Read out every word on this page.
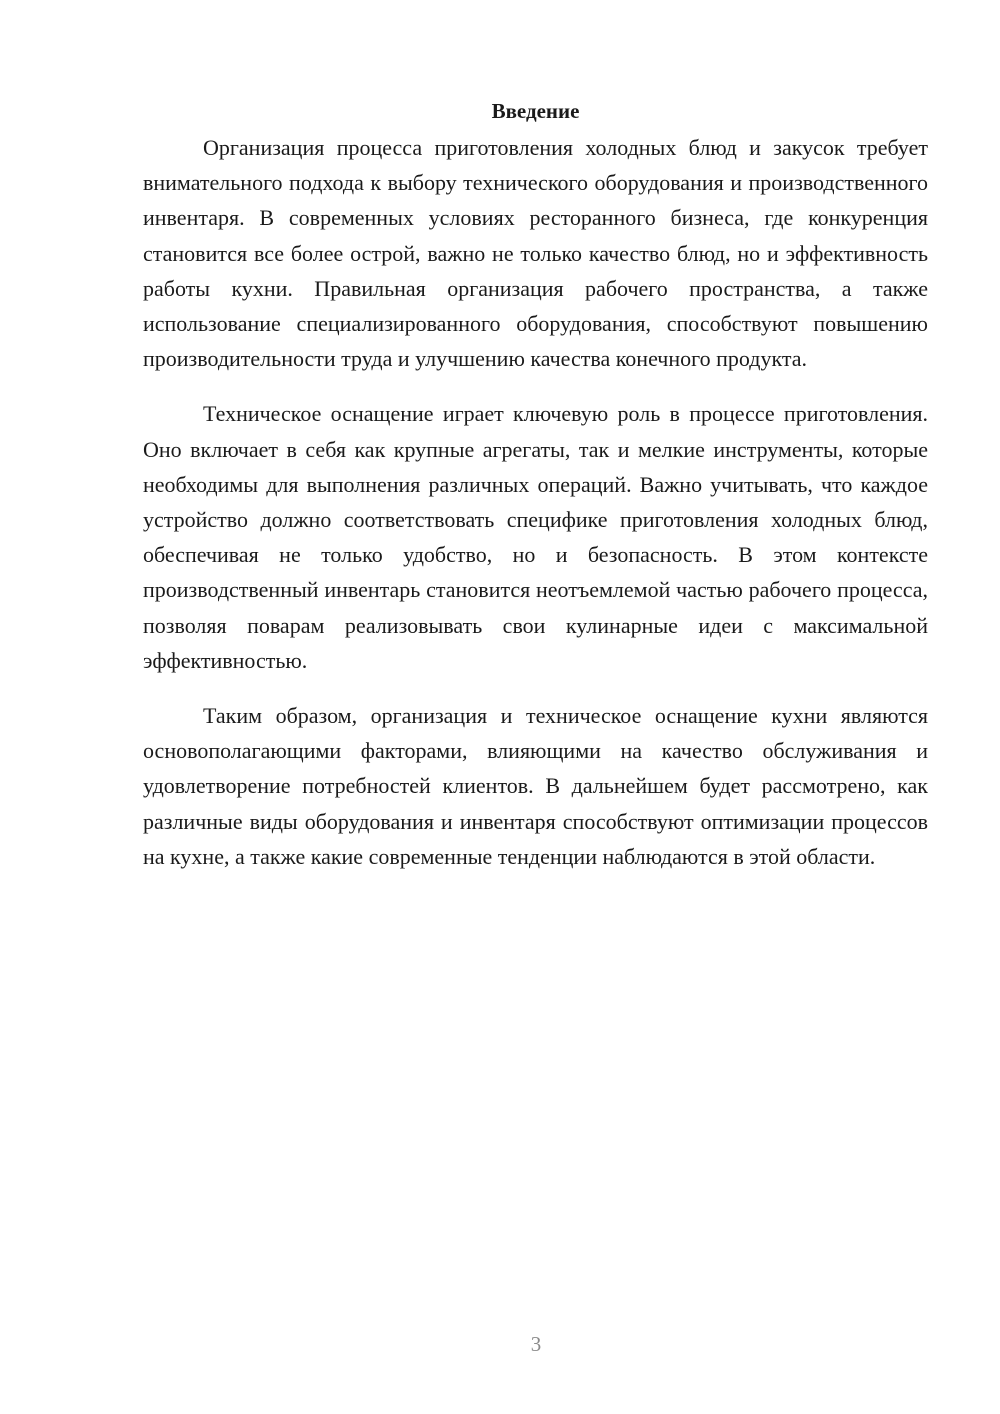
Введение

Организация процесса приготовления холодных блюд и закусок требует внимательного подхода к выбору технического оборудования и производственного инвентаря. В современных условиях ресторанного бизнеса, где конкуренция становится все более острой, важно не только качество блюд, но и эффективность работы кухни. Правильная организация рабочего пространства, а также использование специализированного оборудования, способствуют повышению производительности труда и улучшению качества конечного продукта.

Техническое оснащение играет ключевую роль в процессе приготовления. Оно включает в себя как крупные агрегаты, так и мелкие инструменты, которые необходимы для выполнения различных операций. Важно учитывать, что каждое устройство должно соответствовать специфике приготовления холодных блюд, обеспечивая не только удобство, но и безопасность. В этом контексте производственный инвентарь становится неотъемлемой частью рабочего процесса, позволяя поварам реализовывать свои кулинарные идеи с максимальной эффективностью.

Таким образом, организация и техническое оснащение кухни являются основополагающими факторами, влияющими на качество обслуживания и удовлетворение потребностей клиентов. В дальнейшем будет рассмотрено, как различные виды оборудования и инвентаря способствуют оптимизации процессов на кухне, а также какие современные тенденции наблюдаются в этой области.

3
